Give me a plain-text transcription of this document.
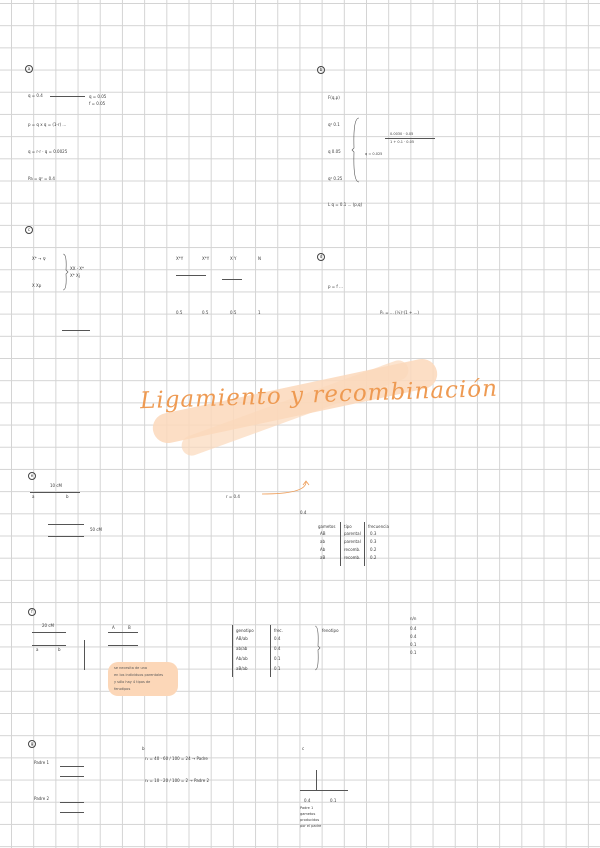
Ligamiento y recombinación
a
q = 0.4	q = 0.05
f = 0.05
p = q x q = (1-r) ...
q = r·r · q = 0.0025
Pa = q² = 0.4
b
F(q,p)
q² 0.1
q 0.05
q² 0.25
0.0030 · 0.05
1 + 0.1 · 0.05
q = 0.025
L q = 0.1 ... (p,q)
c
X* → ♀
XX · X*
X* Xj
X Xp
X*Y	X*Y	X Y	N
0.5	0.5	0.5	1
d
p = f ...
Pₙ = ... (½)ⁿ(1 + ...)
e
10 cM
a	b
50 cM
r = 0.4
0.4
gametos tipo	frecuencia
AB	parental 0.3
ab	parental 0.3
Ab	recomb. 0.2
aB	recomb. 0.2
f
20 cM
a	b
A	B
genotipo	frec.	fenotipo
AB/ab	0.4
ab/ab	0.4
Ab/ab	0.1
aB/ab	0.1
n/n
0.4
0.4
0.1
0.1
se necesita de una
en los individuos parentales
y sólo hay 4 tipos de
fenotipos
g
Padre 1
Padre 2
b
r₁ = 40 · 60 / 100 = 24 → Padre
r₂ = 10 · 20 / 100 = 2 → Padre 2
c
0.4	0.1
Padre 1
gametos
producidos
por el padre
